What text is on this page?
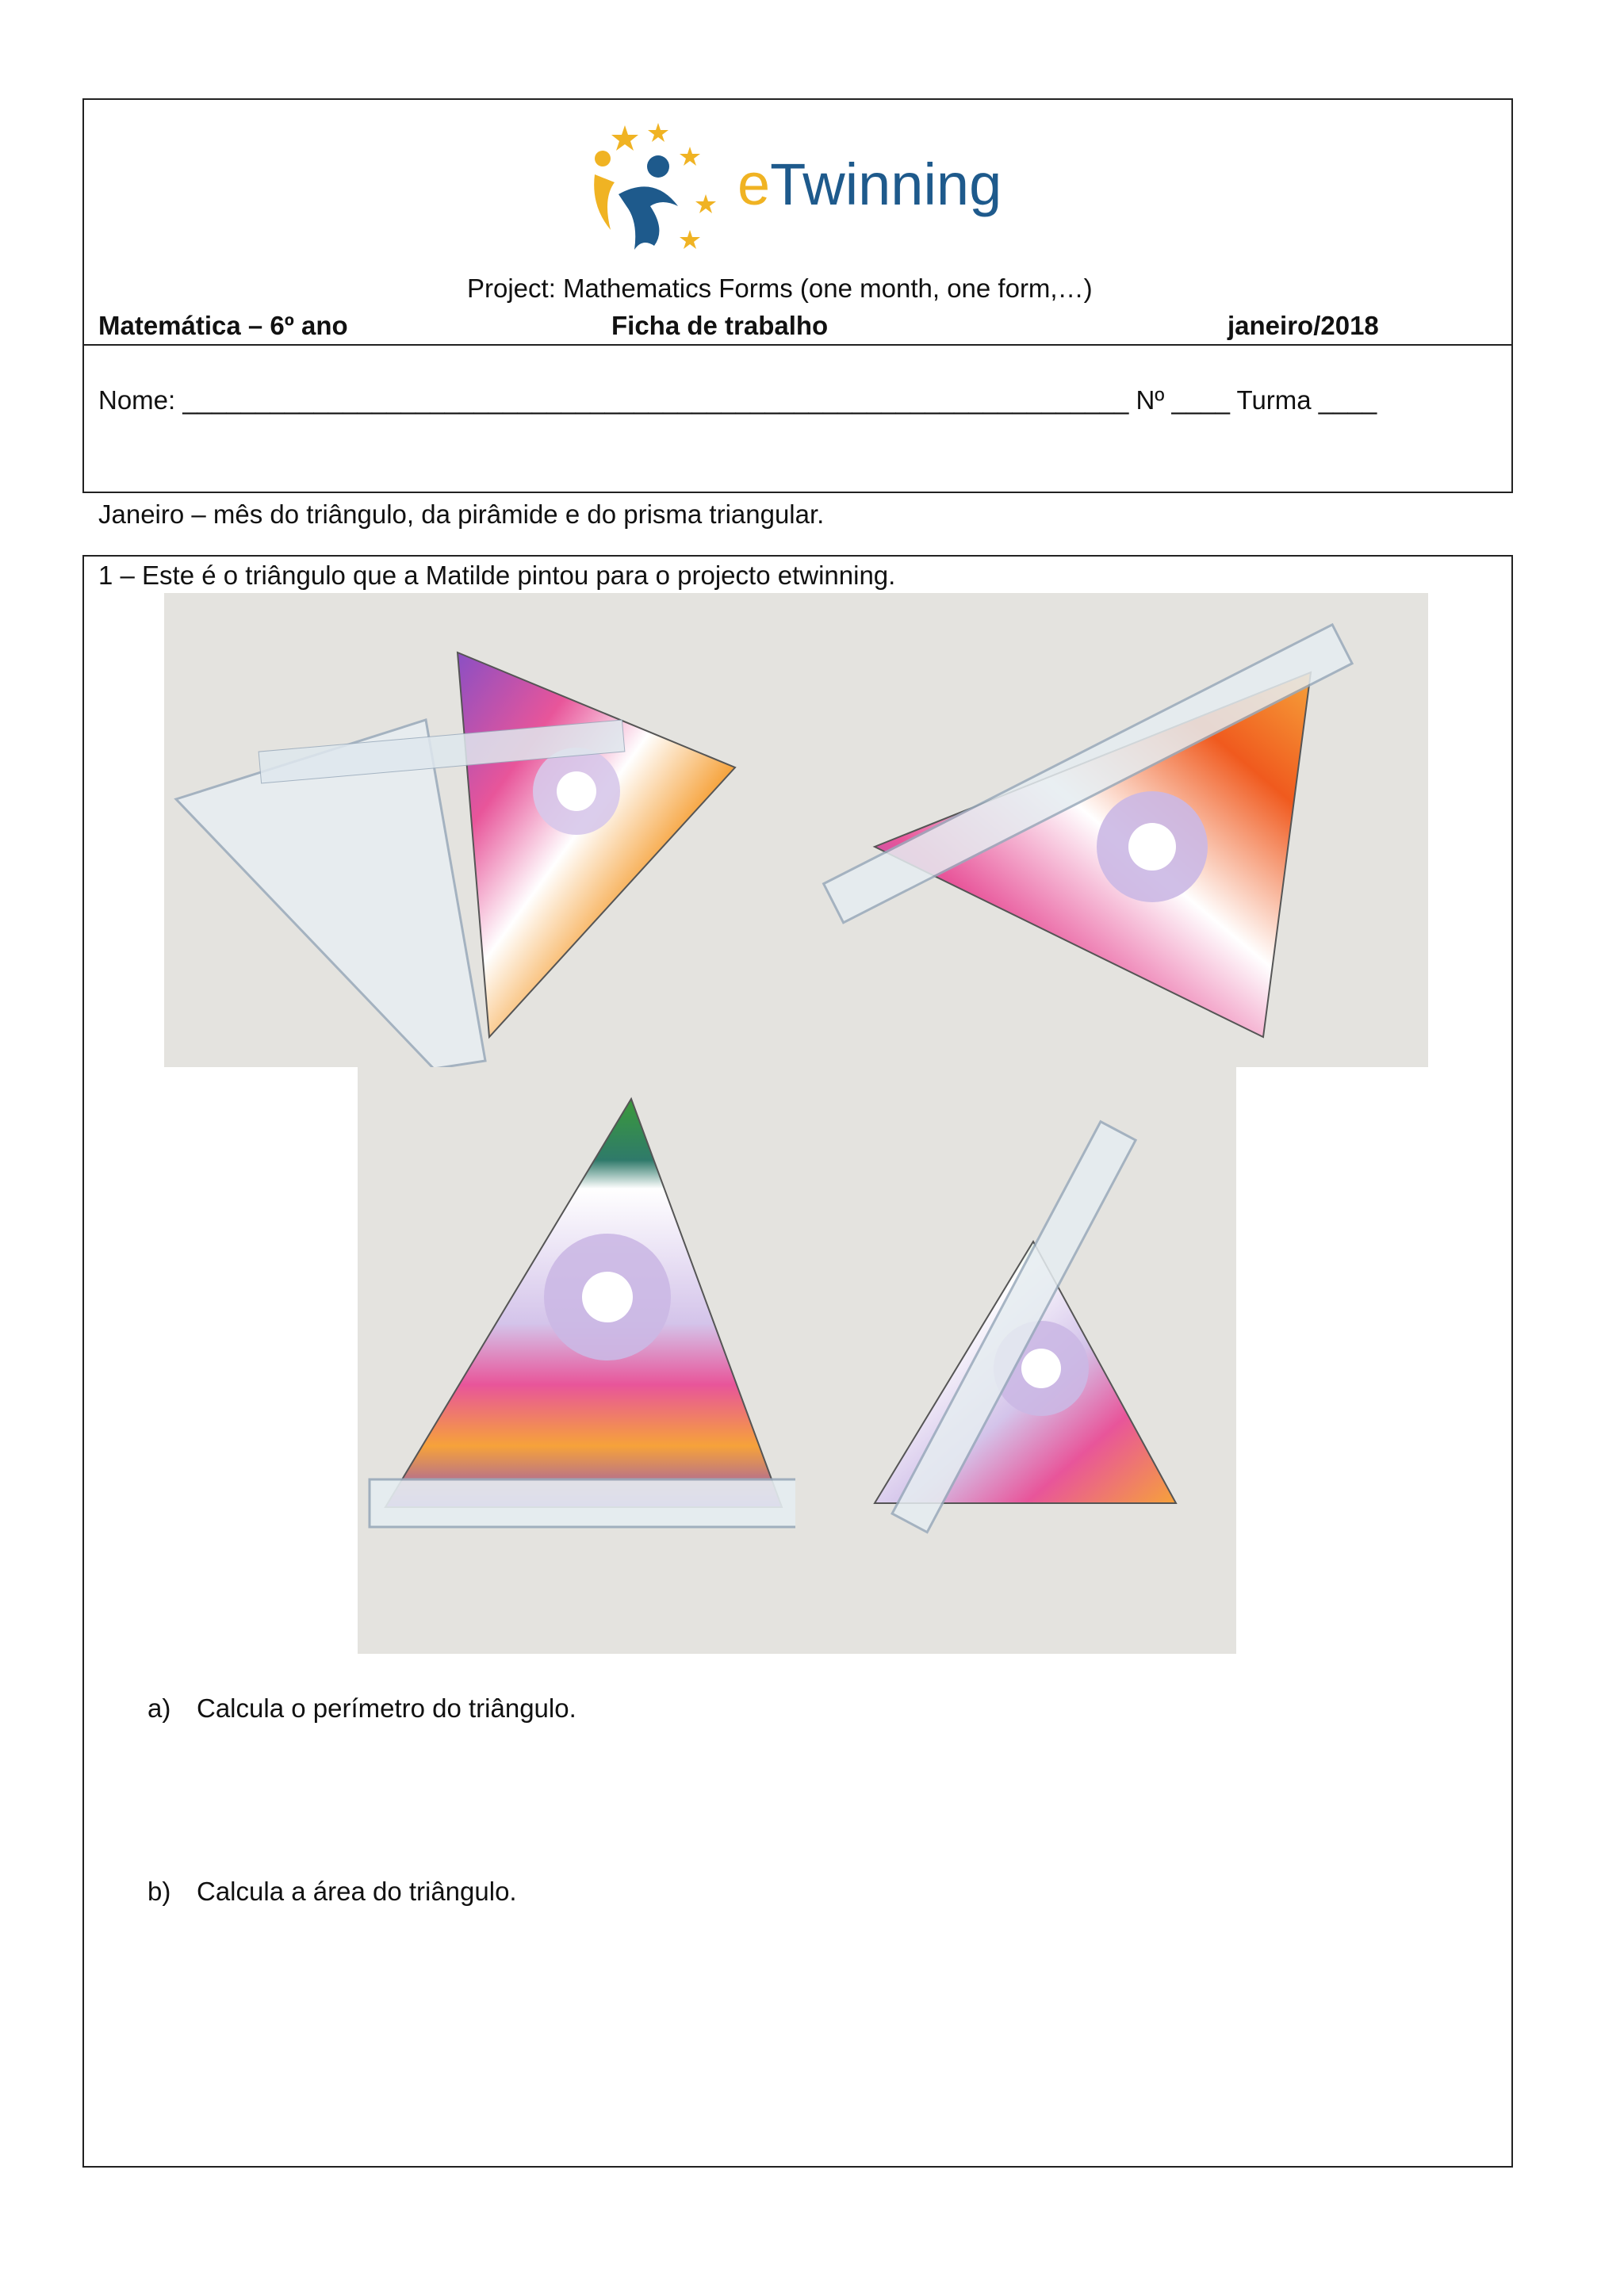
eTwinning
Project: Mathematics Forms (one month, one form,…)
Matemática – 6º ano	Ficha de trabalho	janeiro/2018
Nome: _________________________________________________________________ Nº ____ Turma ____
Janeiro – mês do triângulo, da pirâmide e do prisma triangular.
1 – Este é o triângulo que a Matilde pintou para o projecto etwinning.
a) Calcula o perímetro do triângulo.
b) Calcula a área do triângulo.
